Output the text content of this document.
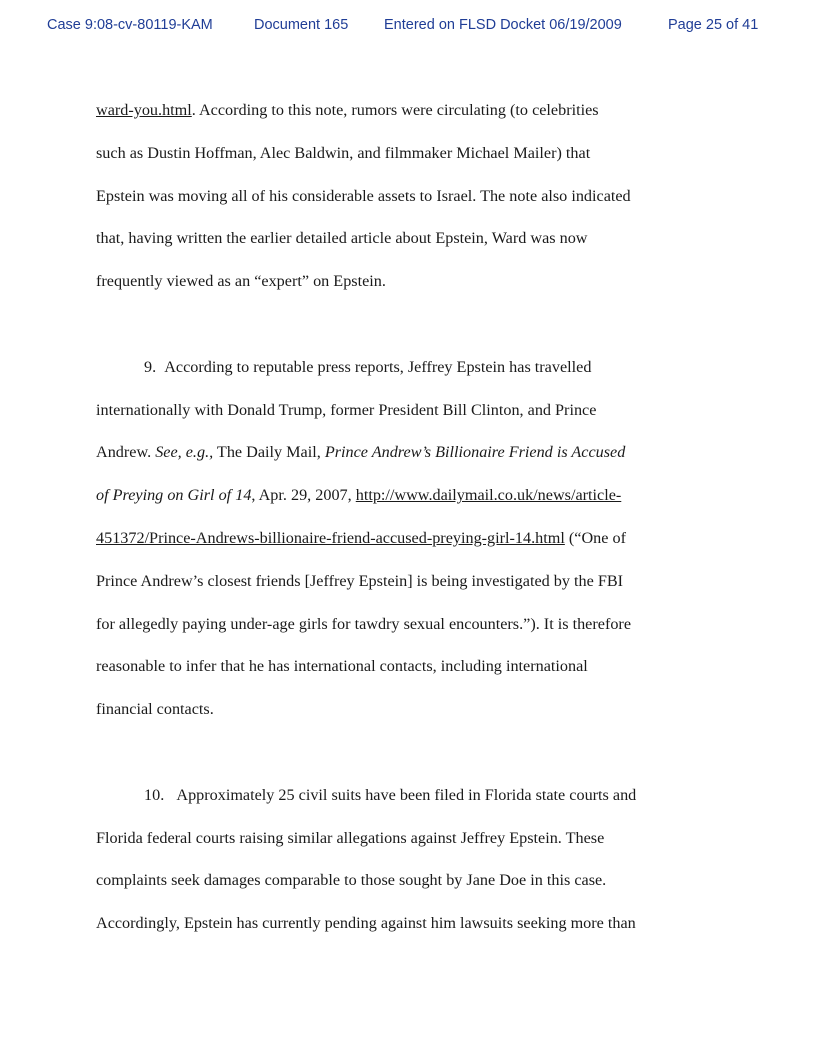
Case 9:08-cv-80119-KAM	Document 165 Entered on FLSD Docket 06/19/2009	Page 25 of 41
ward-you.html. According to this note, rumors were circulating (to celebrities
such as Dustin Hoffman, Alec Baldwin, and filmmaker Michael Mailer) that
Epstein was moving all of his considerable assets to Israel. The note also indicated
that, having written the earlier detailed article about Epstein, Ward was now
frequently viewed as an “expert” on Epstein.
9. According to reputable press reports, Jeffrey Epstein has travelled
internationally with Donald Trump, former President Bill Clinton, and Prince
Andrew. See, e.g., The Daily Mail, Prince Andrew’s Billionaire Friend is Accused
of Preying on Girl of 14, Apr. 29, 2007, http://www.dailymail.co.uk/news/article-
451372/Prince-Andrews-billionaire-friend-accused-preying-girl-14.html (“One of
Prince Andrew’s closest friends [Jeffrey Epstein] is being investigated by the FBI
for allegedly paying under-age girls for tawdry sexual encounters.”). It is therefore
reasonable to infer that he has international contacts, including international
financial contacts.
10. Approximately 25 civil suits have been filed in Florida state courts and
Florida federal courts raising similar allegations against Jeffrey Epstein. These
complaints seek damages comparable to those sought by Jane Doe in this case.
Accordingly, Epstein has currently pending against him lawsuits seeking more than
